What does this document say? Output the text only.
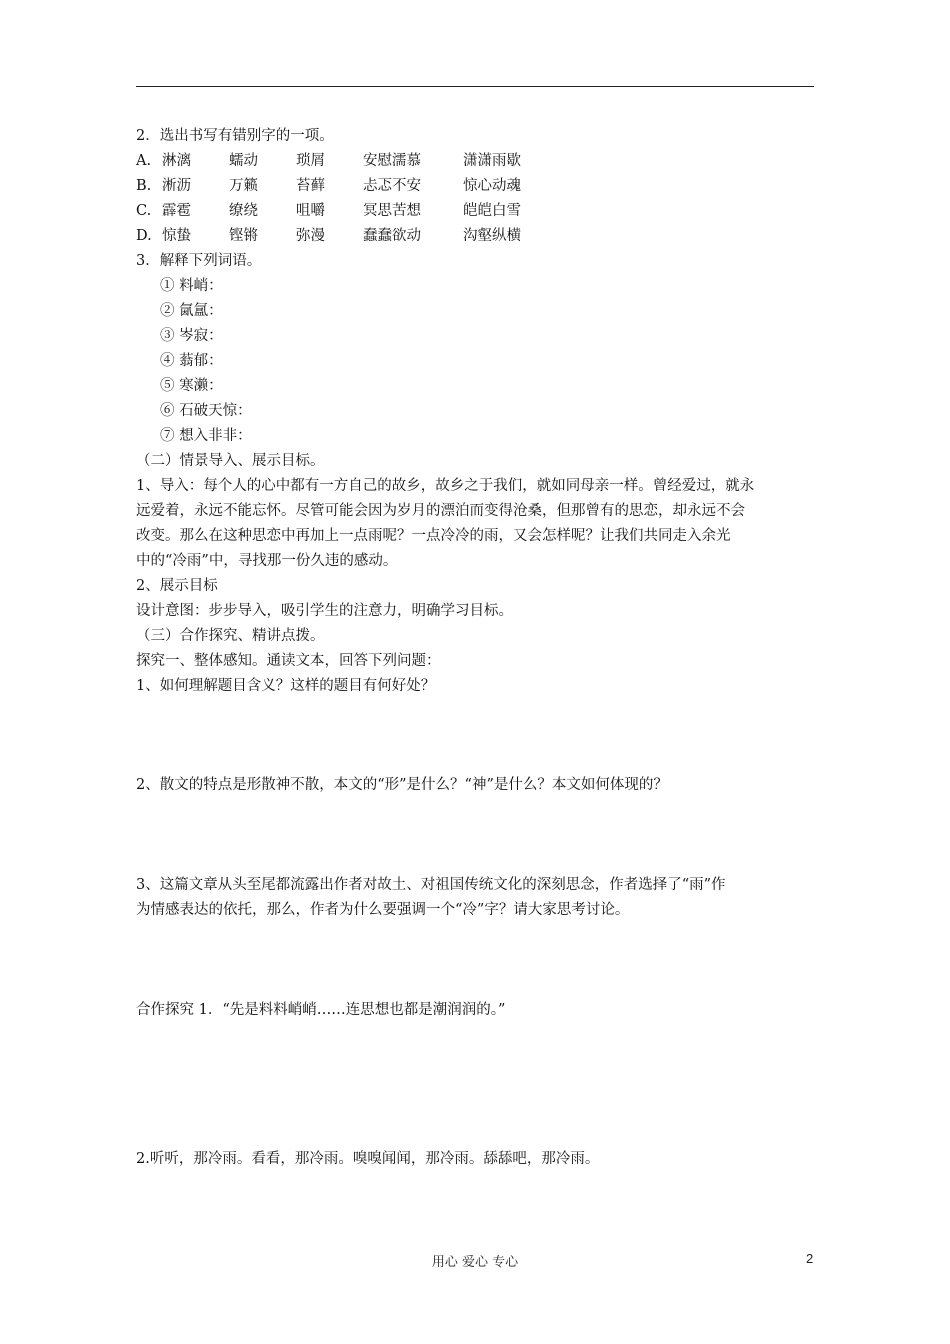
2．选出书写有错别字的一项。
A. 淋漓	蠕动	琐屑	安慰濡慕	潇潇雨歇
B. 淅沥	万籁	苔藓	忐忑不安	惊心动魂
C. 霹雹	缭绕	咀嚼	冥思苦想	皑皑白雪
D. 惊蛰	铿锵	弥漫	蠢蠢欲动	沟壑纵横
3．解释下列词语。
① 料峭：
② 氤氲：
③ 岑寂：
④ 蓊郁：
⑤ 寒濑：
⑥ 石破天惊：
⑦ 想入非非：
（二）情景导入、展示目标。
1、导入：每个人的心中都有一方自己的故乡，故乡之于我们，就如同母亲一样。曾经爱过，就永
远爱着，永远不能忘怀。尽管可能会因为岁月的漂泊而变得沧桑，但那曾有的思恋，却永远不会
改变。那么在这种思恋中再加上一点雨呢？一点冷冷的雨，又会怎样呢？让我们共同走入余光
中的“冷雨”中，寻找那一份久违的感动。
2、展示目标
设计意图：步步导入，吸引学生的注意力，明确学习目标。
（三）合作探究、精讲点拨。
探究一、整体感知。通读文本，回答下列问题：
1、如何理解题目含义？这样的题目有何好处？
2、散文的特点是形散神不散，本文的“形”是什么？“神”是什么？本文如何体现的？
3、这篇文章从头至尾都流露出作者对故土、对祖国传统文化的深刻思念，作者选择了“雨”作
为情感表达的依托，那么，作者为什么要强调一个“冷”字？请大家思考讨论。
合作探究 1．“先是料料峭峭……连思想也都是潮润润的。”
2.听听，那冷雨。看看，那冷雨。嗅嗅闻闻，那冷雨。舔舔吧，那冷雨。
用心 爱心 专心	2
